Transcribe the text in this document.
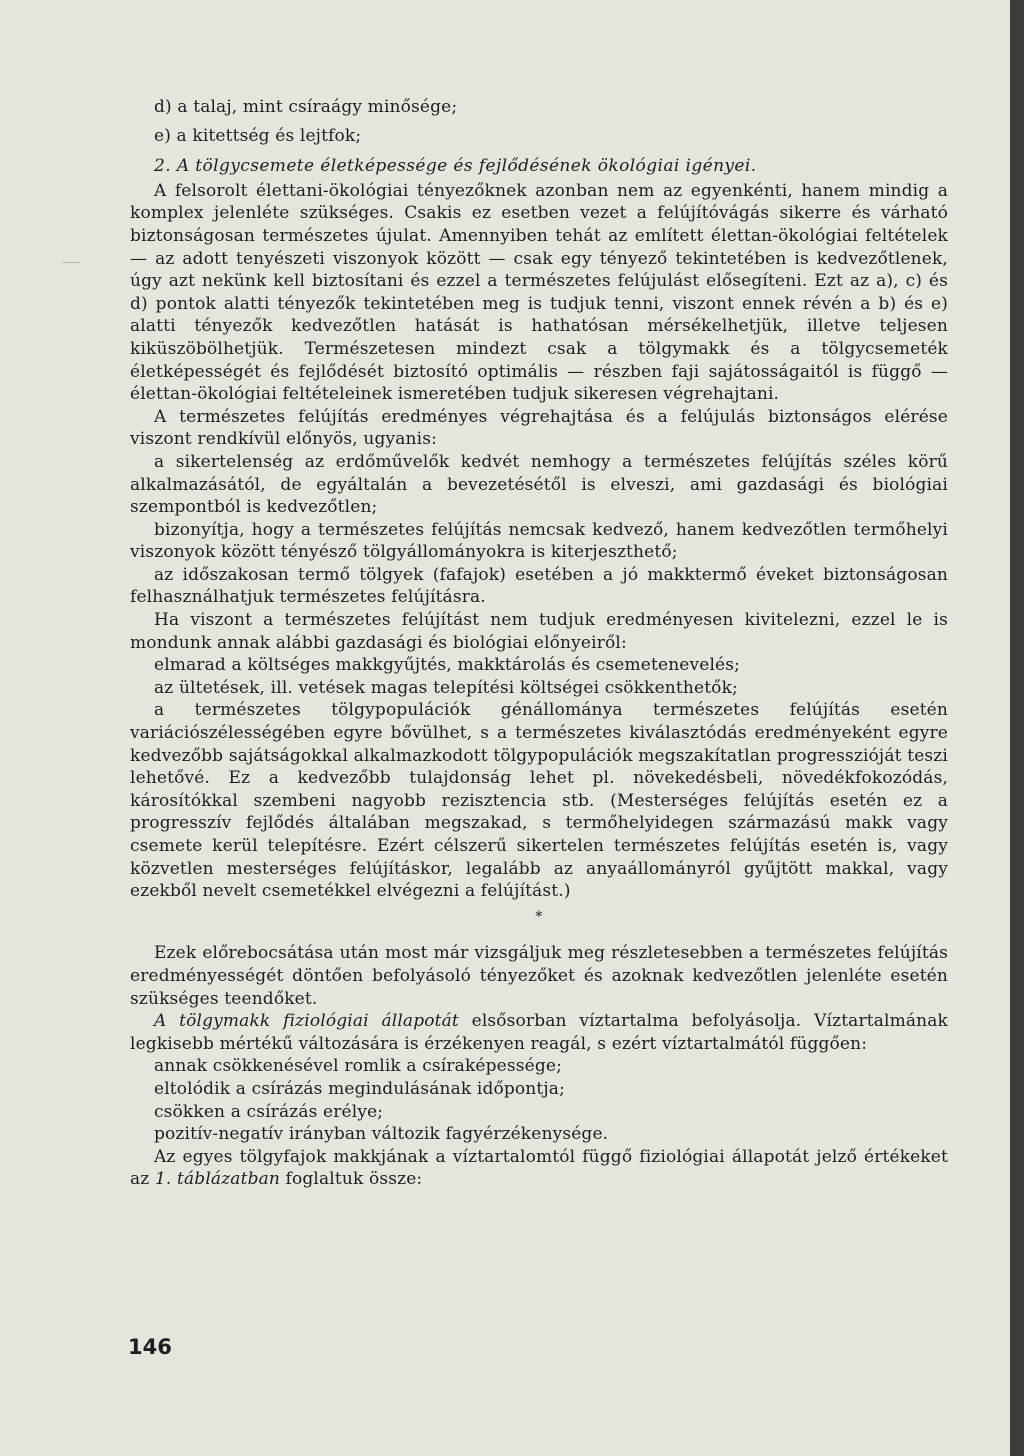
d) a talaj, mint csíraágy minősége;

e) a kitettség és lejtfok;

2. A tölgycsemete életképessége és fejlődésének ökológiai igényei.

A felsorolt élettani-ökológiai tényezőknek azonban nem az egyenkénti, hanem mindig a komplex jelenléte szükséges. Csakis ez esetben vezet a felújítóvágás sikerre és várható biztonságosan természetes újulat. Amennyiben tehát az említett élettan-ökológiai feltételek — az adott tenyészeti viszonyok között — csak egy tényező tekintetében is kedvezőtlenek, úgy azt nekünk kell biztosítani és ezzel a természetes felújulást elősegíteni. Ezt az a), c) és d) pontok alatti tényezők tekintetében meg is tudjuk tenni, viszont ennek révén a b) és e) alatti tényezők kedvezőtlen hatását is hathatósan mérsékelhetjük, illetve teljesen kiküszöbölhetjük. Természetesen mindezt csak a tölgymakk és a tölgycsemeték életképességét és fejlődését biztosító optimális — részben faji sajátosságaitól is függő — élettan-ökológiai feltételeinek ismeretében tudjuk sikeresen végrehajtani.

A természetes felújítás eredményes végrehajtása és a felújulás biztonságos elérése viszont rendkívül előnyös, ugyanis:

a sikertelenség az erdőművelők kedvét nemhogy a természetes felújítás széles körű alkalmazásától, de egyáltalán a bevezetésétől is elveszi, ami gazdasági és biológiai szempontból is kedvezőtlen;

bizonyítja, hogy a természetes felújítás nemcsak kedvező, hanem kedvezőtlen termőhelyi viszonyok között tényésző tölgyállományokra is kiterjeszthető;

az időszakosan termő tölgyek (fafajok) esetében a jó makktermő éveket biztonságosan felhasználhatjuk természetes felújításra.

Ha viszont a természetes felújítást nem tudjuk eredményesen kivitelezni, ezzel le is mondunk annak alábbi gazdasági és biológiai előnyeiről:

elmarad a költséges makkgyűjtés, makktárolás és csemetenevelés;

az ültetések, ill. vetések magas telepítési költségei csökkenthetők;

a természetes tölgypopulációk génállománya természetes felújítás esetén variációszélességében egyre bővülhet, s a természetes kiválasztódás eredményeként egyre kedvezőbb sajátságokkal alkalmazkodott tölgypopulációk megszakítatlan progresszióját teszi lehetővé. Ez a kedvezőbb tulajdonság lehet pl. növekedésbeli, növedékfokozódás, károsítókkal szembeni nagyobb rezisztencia stb. (Mesterséges felújítás esetén ez a progresszív fejlődés általában megszakad, s termőhelyidegen származású makk vagy csemete kerül telepítésre. Ezért célszerű sikertelen természetes felújítás esetén is, vagy közvetlen mesterséges felújításkor, legalább az anyaállományról gyűjtött makkal, vagy ezekből nevelt csemetékkel elvégezni a felújítást.)

*

Ezek előrebocsátása után most már vizsgáljuk meg részletesebben a természetes felújítás eredményességét döntően befolyásoló tényezőket és azoknak kedvezőtlen jelenléte esetén szükséges teendőket.

A tölgymakk fiziológiai állapotát elsősorban víztartalma befolyásolja. Víztartalmának legkisebb mértékű változására is érzékenyen reagál, s ezért víztartalmától függően:

annak csökkenésével romlik a csíraképessége;

eltolódik a csírázás megindulásának időpontja;

csökken a csírázás erélye;

pozitív-negatív irányban változik fagyérzékenysége.

Az egyes tölgyfajok makkjának a víztartalomtól függő fiziológiai állapotát jelző értékeket az 1. táblázatban foglaltuk össze:

146
